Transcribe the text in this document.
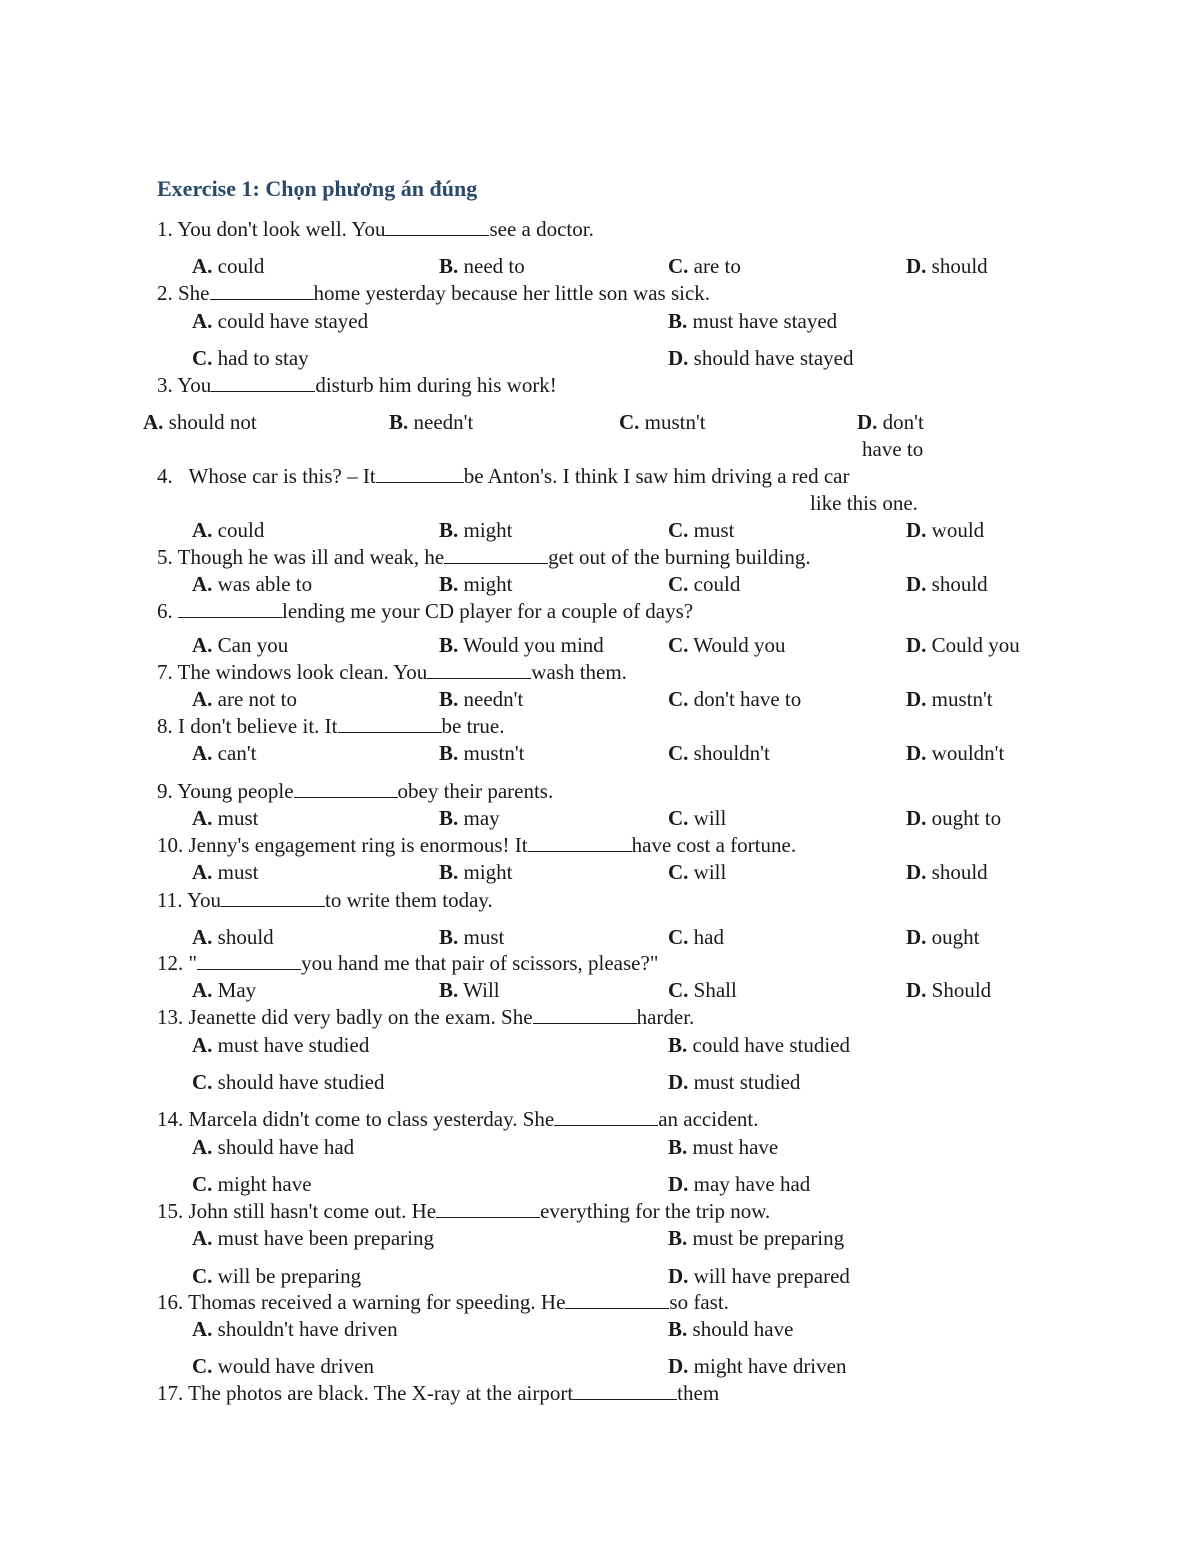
Exercise 1: Chọn phương án đúng
1. You don't look well. You	see a doctor.
A. could	B. need to	C. are to	D. should
2. She	home yesterday because her little son was sick.
A. could have stayed	B. must have stayed
C. had to stay	D. should have stayed
3. You	disturb him during his work!
A. should not	B. needn't	C. mustn't	D. don't
have to
4. Whose car is this? – It	be Anton's. I think I saw him driving a red car
like this one.
A. could	B. might	C. must	D. would
5. Though he was ill and weak, he	get out of the burning building.
A. was able to	B. might	C. could	D. should
6.	lending me your CD player for a couple of days?
A. Can you	B. Would you mind	C. Would you	D. Could you
7. The windows look clean. You	wash them.
A. are not to	B. needn't	C. don't have to	D. mustn't
8. I don't believe it. It	be true.
A. can't	B. mustn't	C. shouldn't	D. wouldn't
9. Young people	obey their parents.
A. must	B. may	C. will	D. ought to
10. Jenny's engagement ring is enormous! It	have cost a fortune.
A. must	B. might	C. will	D. should
11. You	to write them today.
A. should	B. must	C. had	D. ought
12. "	you hand me that pair of scissors, please?"
A. May	B. Will	C. Shall	D. Should
13. Jeanette did very badly on the exam. She	harder.
A. must have studied	B. could have studied
C. should have studied	D. must studied
14. Marcela didn't come to class yesterday. She	an accident.
A. should have had	B. must have
C. might have	D. may have had
15. John still hasn't come out. He	everything for the trip now.
A. must have been preparing	B. must be preparing
C. will be preparing	D. will have prepared
16. Thomas received a warning for speeding. He	so fast.
A. shouldn't have driven	B. should have
C. would have driven	D. might have driven
17. The photos are black. The X-ray at the airport	them
